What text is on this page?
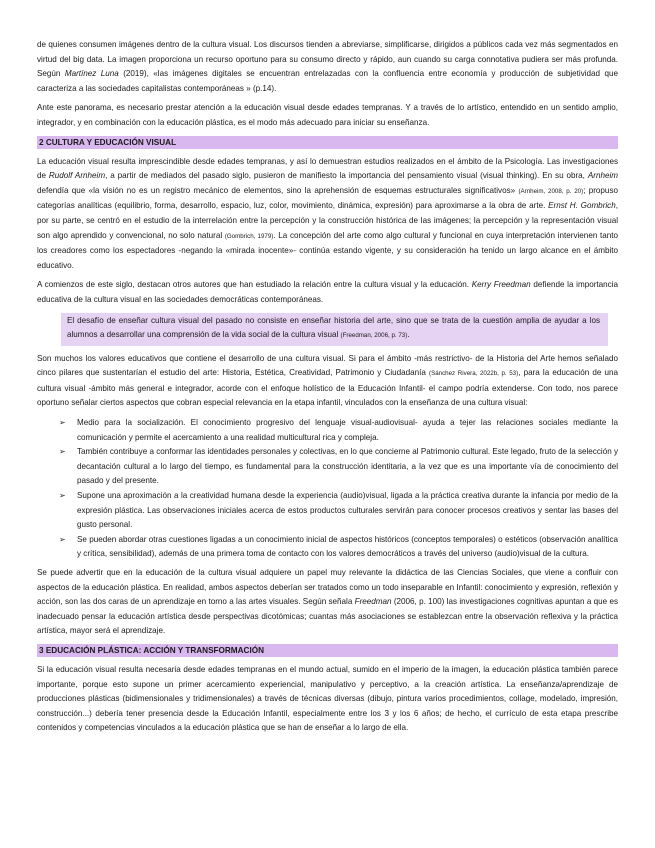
de quienes consumen imágenes dentro de la cultura visual. Los discursos tienden a abreviarse, simplificarse, dirigidos a públicos cada vez más segmentados en virtud del big data. La imagen proporciona un recurso oportuno para su consumo directo y rápido, aun cuando su carga connotativa pudiera ser más profunda. Según Martínez Luna (2019), «las imágenes digitales se encuentran entrelazadas con la confluencia entre economía y producción de subjetividad que caracteriza a las sociedades capitalistas contemporáneas » (p.14).

Ante este panorama, es necesario prestar atención a la educación visual desde edades tempranas. Y a través de lo artístico, entendido en un sentido amplio, integrador, y en combinación con la educación plástica, es el modo más adecuado para iniciar su enseñanza.

2 CULTURA Y EDUCACIÓN VISUAL

La educación visual resulta imprescindible desde edades tempranas, y así lo demuestran estudios realizados en el ámbito de la Psicología. Las investigaciones de Rudolf Arnheim, a partir de mediados del pasado siglo, pusieron de manifiesto la importancia del pensamiento visual (visual thinking). En su obra, Arnheim defendía que «la visión no es un registro mecánico de elementos, sino la aprehensión de esquemas estructurales significativos» (Arnheim, 2008, p. 20); propuso categorías analíticas (equilibrio, forma, desarrollo, espacio, luz, color, movimiento, dinámica, expresión) para aproximarse a la obra de arte. Ernst H. Gombrich, por su parte, se centró en el estudio de la interrelación entre la percepción y la construcción histórica de las imágenes; la percepción y la representación visual son algo aprendido y convencional, no solo natural (Gombrich, 1979). La concepción del arte como algo cultural y funcional en cuya interpretación intervienen tanto los creadores como los espectadores -negando la «mirada inocente»- continúa estando vigente, y su consideración ha tenido un largo alcance en el ámbito educativo.

A comienzos de este siglo, destacan otros autores que han estudiado la relación entre la cultura visual y la educación. Kerry Freedman defiende la importancia educativa de la cultura visual en las sociedades democráticas contemporáneas.

El desafío de enseñar cultura visual del pasado no consiste en enseñar historia del arte, sino que se trata de la cuestión amplia de ayudar a los alumnos a desarrollar una comprensión de la vida social de la cultura visual (Freedman, 2006, p. 73).

Son muchos los valores educativos que contiene el desarrollo de una cultura visual. Si para el ámbito -más restrictivo- de la Historia del Arte hemos señalado cinco pilares que sustentarían el estudio del arte: Historia, Estética, Creatividad, Patrimonio y Ciudadanía (Sánchez Rivera, 2022b, p. 53), para la educación de una cultura visual -ámbito más general e integrador, acorde con el enfoque holístico de la Educación Infantil- el campo podría extenderse. Con todo, nos parece oportuno señalar ciertos aspectos que cobran especial relevancia en la etapa infantil, vinculados con la enseñanza de una cultura visual:

➢ Medio para la socialización. El conocimiento progresivo del lenguaje visual-audiovisual- ayuda a tejer las relaciones sociales mediante la comunicación y permite el acercamiento a una realidad multicultural rica y compleja.
➢ También contribuye a conformar las identidades personales y colectivas, en lo que concierne al Patrimonio cultural. Este legado, fruto de la selección y decantación cultural a lo largo del tiempo, es fundamental para la construcción identitaria, a la vez que es una importante vía de conocimiento del pasado y del presente.
➢ Supone una aproximación a la creatividad humana desde la experiencia (audio)visual, ligada a la práctica creativa durante la infancia por medio de la expresión plástica. Las observaciones iniciales acerca de estos productos culturales servirán para conocer procesos creativos y sentar las bases del gusto personal.
➢ Se pueden abordar otras cuestiones ligadas a un conocimiento inicial de aspectos históricos (conceptos temporales) o estéticos (observación analítica y crítica, sensibilidad), además de una primera toma de contacto con los valores democráticos a través del universo (audio)visual de la cultura.

Se puede advertir que en la educación de la cultura visual adquiere un papel muy relevante la didáctica de las Ciencias Sociales, que viene a confluir con aspectos de la educación plástica. En realidad, ambos aspectos deberían ser tratados como un todo inseparable en Infantil: conocimiento y expresión, reflexión y acción, son las dos caras de un aprendizaje en torno a las artes visuales. Según señala Freedman (2006, p. 100) las investigaciones cognitivas apuntan a que es inadecuado pensar la educación artística desde perspectivas dicotómicas; cuantas más asociaciones se establezcan entre la observación reflexiva y la práctica artística, mayor será el aprendizaje.

3 EDUCACIÓN PLÁSTICA: ACCIÓN Y TRANSFORMACIÓN

Si la educación visual resulta necesaria desde edades tempranas en el mundo actual, sumido en el imperio de la imagen, la educación plástica también parece importante, porque esto supone un primer acercamiento experiencial, manipulativo y perceptivo, a la creación artística. La enseñanza/aprendizaje de producciones plásticas (bidimensionales y tridimensionales) a través de técnicas diversas (dibujo, pintura varios procedimientos, collage, modelado, impresión, construcción...) debería tener presencia desde la Educación Infantil, especialmente entre los 3 y los 6 años; de hecho, el currículo de esta etapa prescribe contenidos y competencias vinculados a la educación plástica que se han de enseñar a lo largo de ella.
